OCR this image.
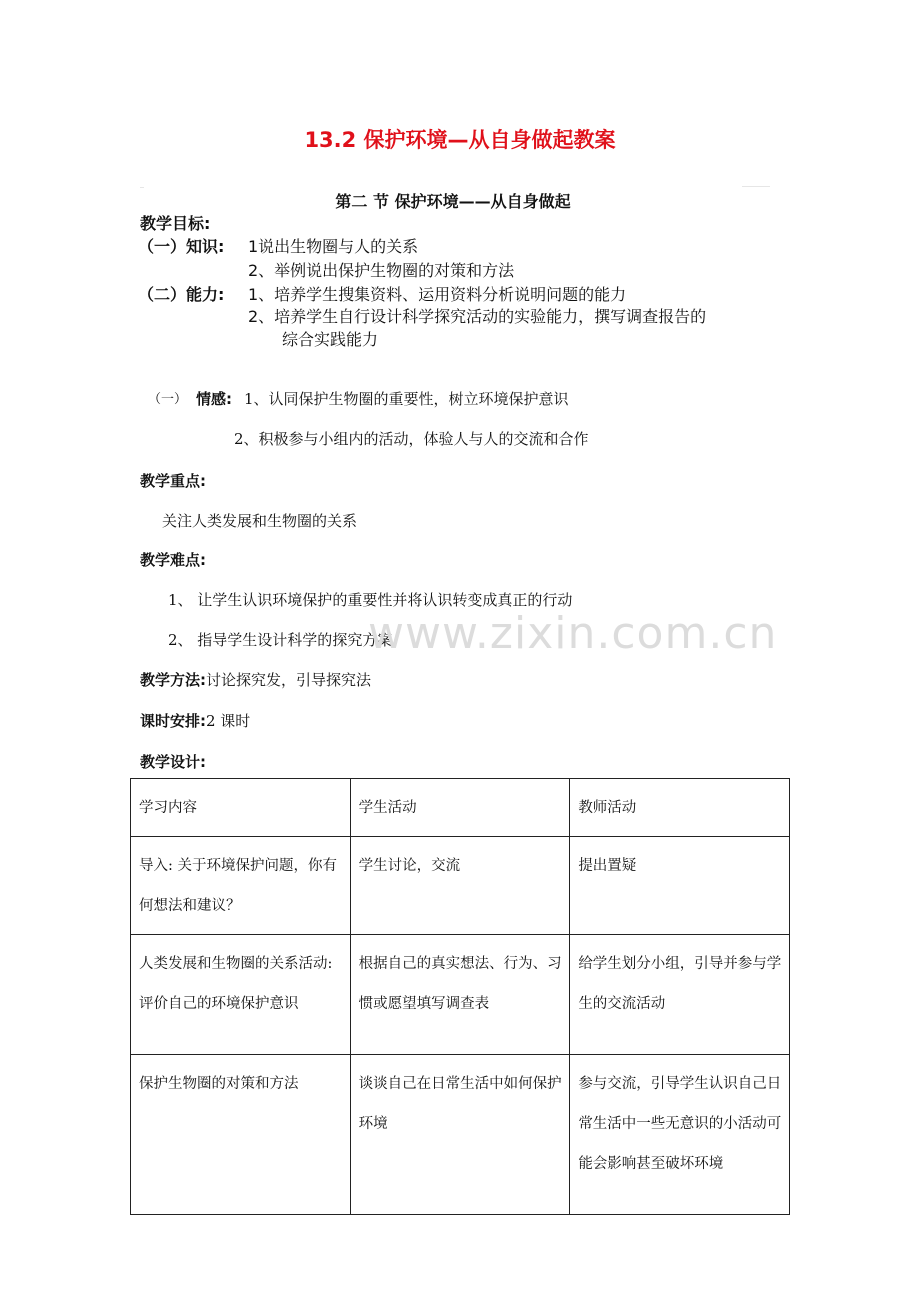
13.2 保护环境—从自身做起教案
第二 节 保护环境——从自身做起
教学目标:
（一）知识: 1说出生物圈与人的关系
2、举例说出保护生物圈的对策和方法
（二）能力: 1、培养学生搜集资料、运用资料分析说明问题的能力
2、培养学生自行设计科学探究活动的实验能力，撰写调查报告的
综合实践能力
（一） 情感: 1、认同保护生物圈的重要性，树立环境保护意识
2、积极参与小组内的活动，体验人与人的交流和合作
教学重点:
关注人类发展和生物圈的关系
教学难点:
1、 让学生认识环境保护的重要性并将认识转变成真正的行动
2、 指导学生设计科学的探究方案
www.zixin.com.cn
教学方法:讨论探究发，引导探究法
课时安排:2 课时
教学设计:
学习内容	学生活动	教师活动
导入: 关于环境保护问题，你有何想法和建议？	学生讨论，交流	提出置疑
人类发展和生物圈的关系活动: 评价自己的环境保护意识	根据自己的真实想法、行为、习惯或愿望填写调查表	给学生划分小组，引导并参与学生的交流活动
保护生物圈的对策和方法	谈谈自己在日常生活中如何保护环境	参与交流，引导学生认识自己日常生活中一些无意识的小活动可能会影响甚至破坏环境
